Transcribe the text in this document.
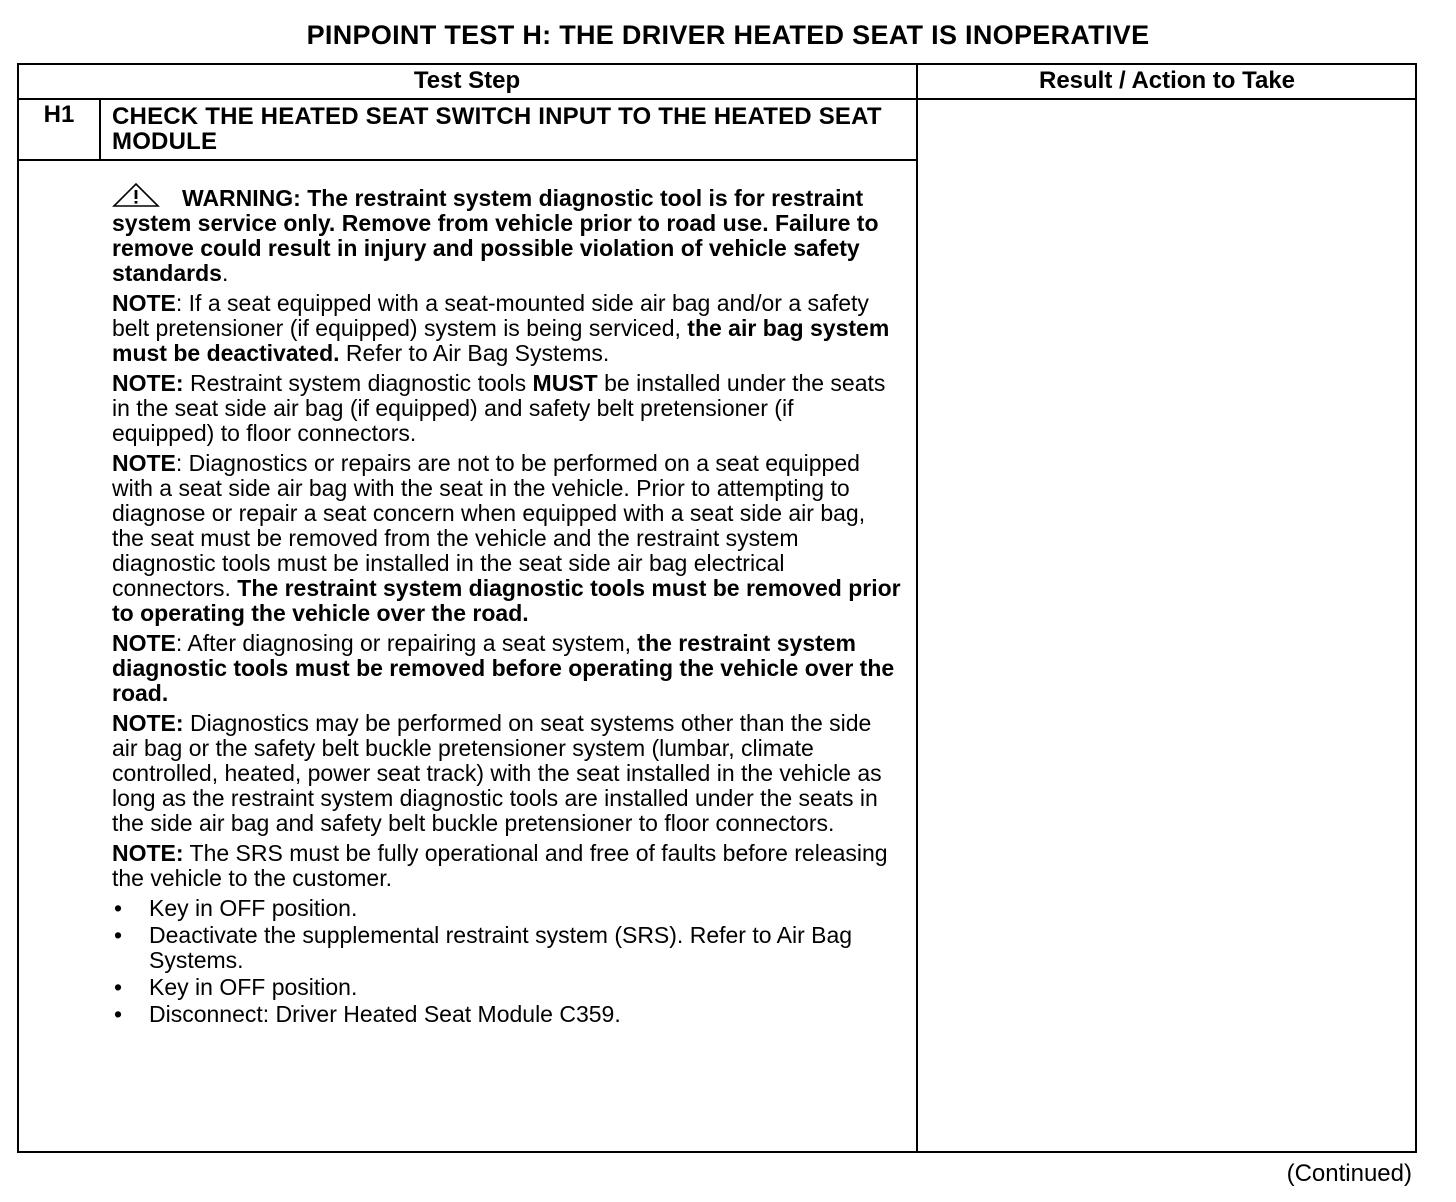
PINPOINT TEST H: THE DRIVER HEATED SEAT IS INOPERATIVE
Test Step	Result / Action to Take
H1	CHECK THE HEATED SEAT SWITCH INPUT TO THE HEATED SEAT MODULE

WARNING: The restraint system diagnostic tool is for restraint system service only. Remove from vehicle prior to road use. Failure to remove could result in injury and possible violation of vehicle safety standards.

NOTE: If a seat equipped with a seat-mounted side air bag and/or a safety belt pretensioner (if equipped) system is being serviced, the air bag system must be deactivated. Refer to Air Bag Systems.

NOTE: Restraint system diagnostic tools MUST be installed under the seats in the seat side air bag (if equipped) and safety belt pretensioner (if equipped) to floor connectors.

NOTE: Diagnostics or repairs are not to be performed on a seat equipped with a seat side air bag with the seat in the vehicle. Prior to attempting to diagnose or repair a seat concern when equipped with a seat side air bag, the seat must be removed from the vehicle and the restraint system diagnostic tools must be installed in the seat side air bag electrical connectors. The restraint system diagnostic tools must be removed prior to operating the vehicle over the road.

NOTE: After diagnosing or repairing a seat system, the restraint system diagnostic tools must be removed before operating the vehicle over the road.

NOTE: Diagnostics may be performed on seat systems other than the side air bag or the safety belt buckle pretensioner system (lumbar, climate controlled, heated, power seat track) with the seat installed in the vehicle as long as the restraint system diagnostic tools are installed under the seats in the side air bag and safety belt buckle pretensioner to floor connectors.

NOTE: The SRS must be fully operational and free of faults before releasing the vehicle to the customer.

• Key in OFF position.
• Deactivate the supplemental restraint system (SRS). Refer to Air Bag Systems.
• Key in OFF position.
• Disconnect: Driver Heated Seat Module C359.
(Continued)
